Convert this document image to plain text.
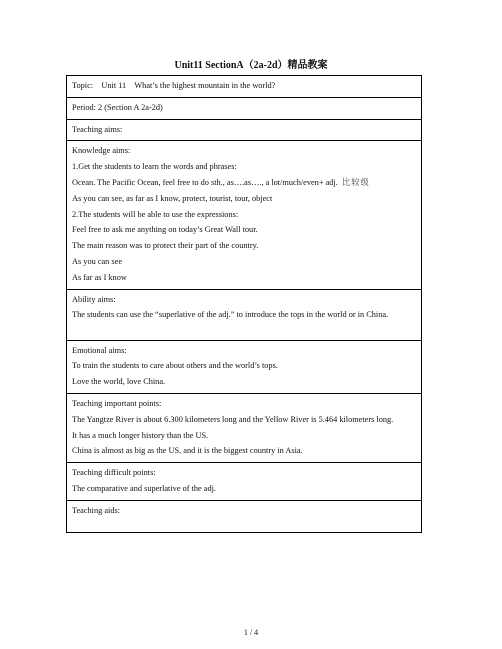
Unit11 SectionA（2a-2d）精品教案
Topic:    Unit 11    What’s the highest mountain in the world?

Period: 2 (Section A 2a-2d)

Teaching aims:

Knowledge aims:
1.Get the students to learn the words and phrases:
Ocean. The Pacific Ocean, feel free to do sth., as….as…., a lot/much/even+ adj. 比较级
As you can see, as far as I know, protect, tourist, tour, object
2.The students will be able to use the expressions:
Feel free to ask me anything on today’s Great Wall tour.
The main reason was to protect their part of the country.
As you can see
As far as I know

Ability aims:
The students can use the “superlative of the adj.” to introduce the tops in the world or in China.

Emotional aims:
To train the students to care about others and the world’s tops.
Love the world, love China.

Teaching important points:
The Yangtze River is about 6.300 kilometers long and the Yellow River is 5.464 kilometers long.
It has a much longer history than the US.
China is almost as big as the US, and it is the biggest country in Asia.

Teaching difficult points:
The comparative and superlative of the adj.

Teaching aids:
1 / 4
